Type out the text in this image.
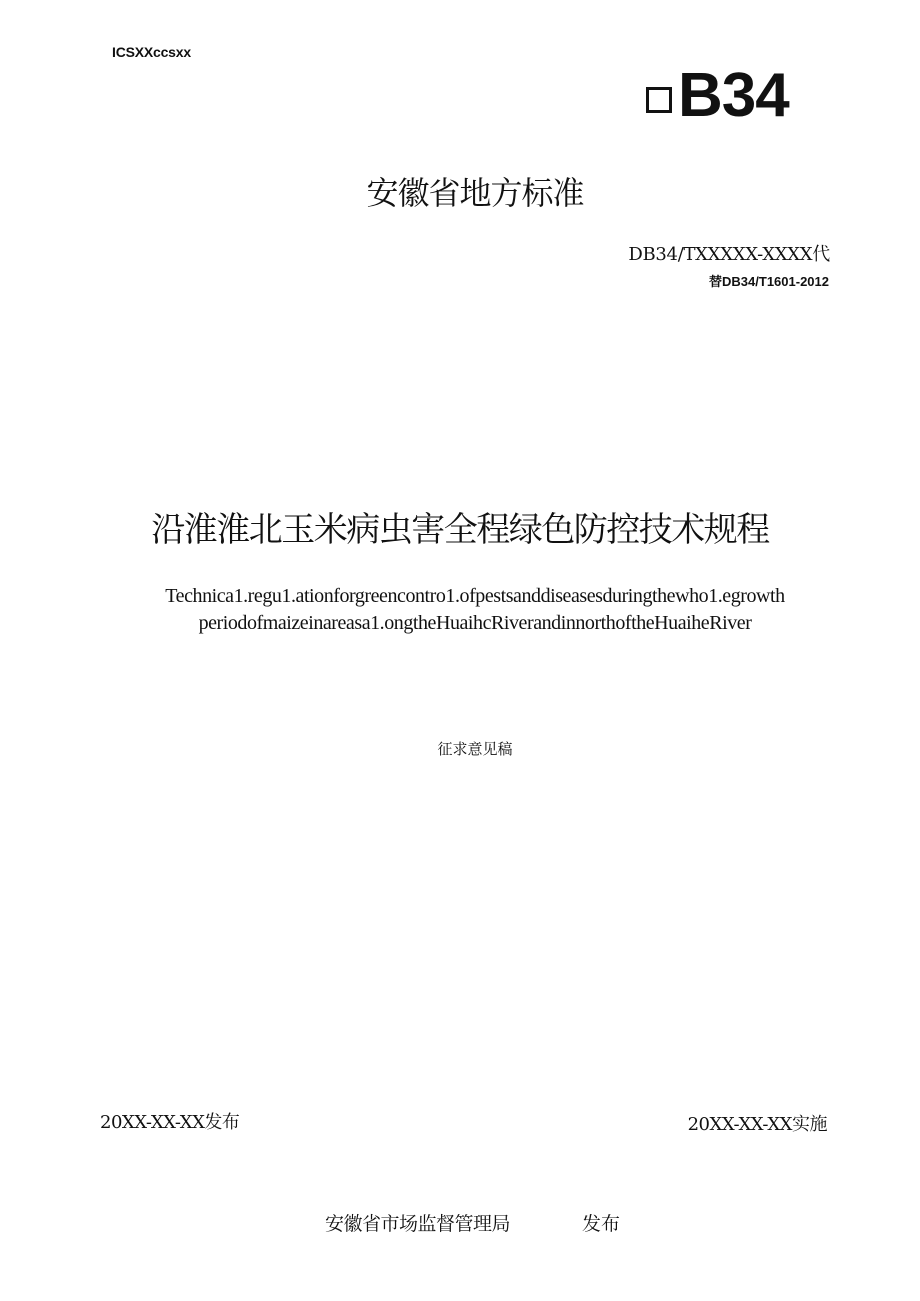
ICSXXccsxx
B34
安徽省地方标准
DB34/TXXXXX-XXXX代
替DB34/T1601-2012
沿淮淮北玉米病虫害全程绿色防控技术规程
Technica1.regu1.ationforgreencontro1.ofpestsanddiseasesduringthewho1.egrowth
periodofmaizeinareasa1.ongtheHuaihcRiverandinnorthoftheHuaiheRiver
征求意见稿
20XX-XX-XX发布	20XX-XX-XX实施
安徽省市场监督管理局	发布
